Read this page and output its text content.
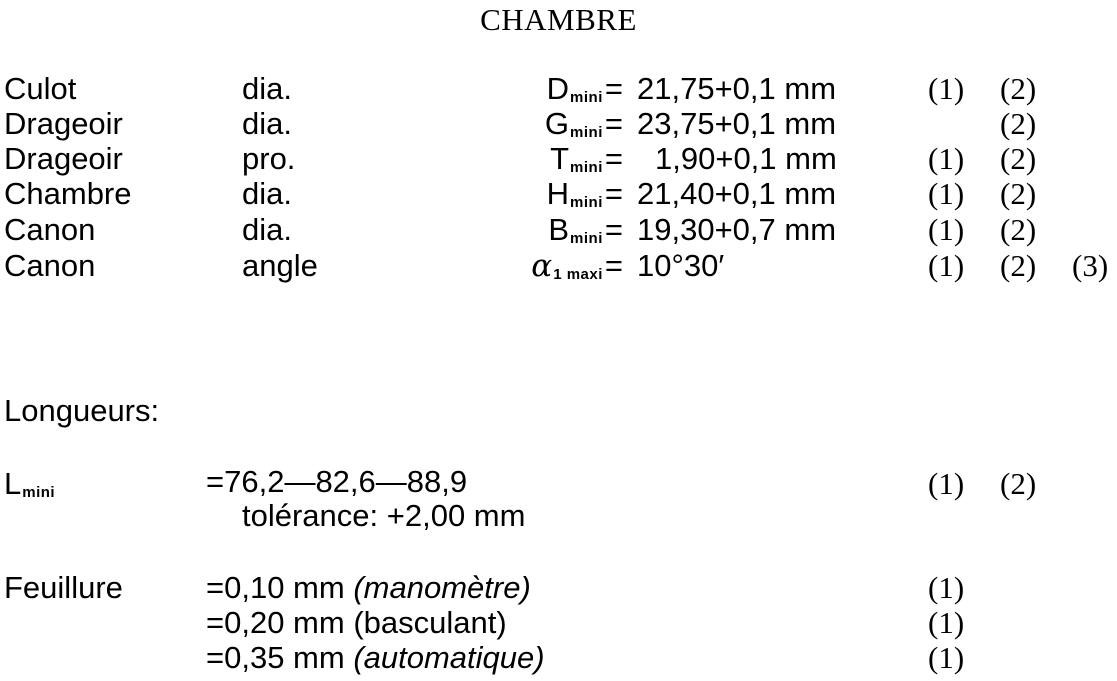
CHAMBRE
Culot	dia.	$D_{mini}= 21,75+0,1$ mm	(1) (2)
Drageoir	dia.	$G_{mini}= 23,75+0,1$ mm	(2)
Drageoir	pro.	$T_{mini}= 1,90+0,1$ mm	(1) (2)
Chambre	dia.	$H_{mini}= 21,40+0,1$ mm	(1) (2)
Canon	dia.	$B_{mini}= 19,30+0,7$ mm	(1) (2)
Canon	angle	$\alpha_{1 maxi}= 10^\circ 30'$	(1) (2) (3)
Longueurs:
$L_{mini}$	=76,2—82,6—88,9	(1) (2)
tolérance: +2,00 mm
Feuillure	=0,10 mm (manomètre)	(1)
=0,20 mm (basculant)	(1)
=0,35 mm (automatique)	(1)
